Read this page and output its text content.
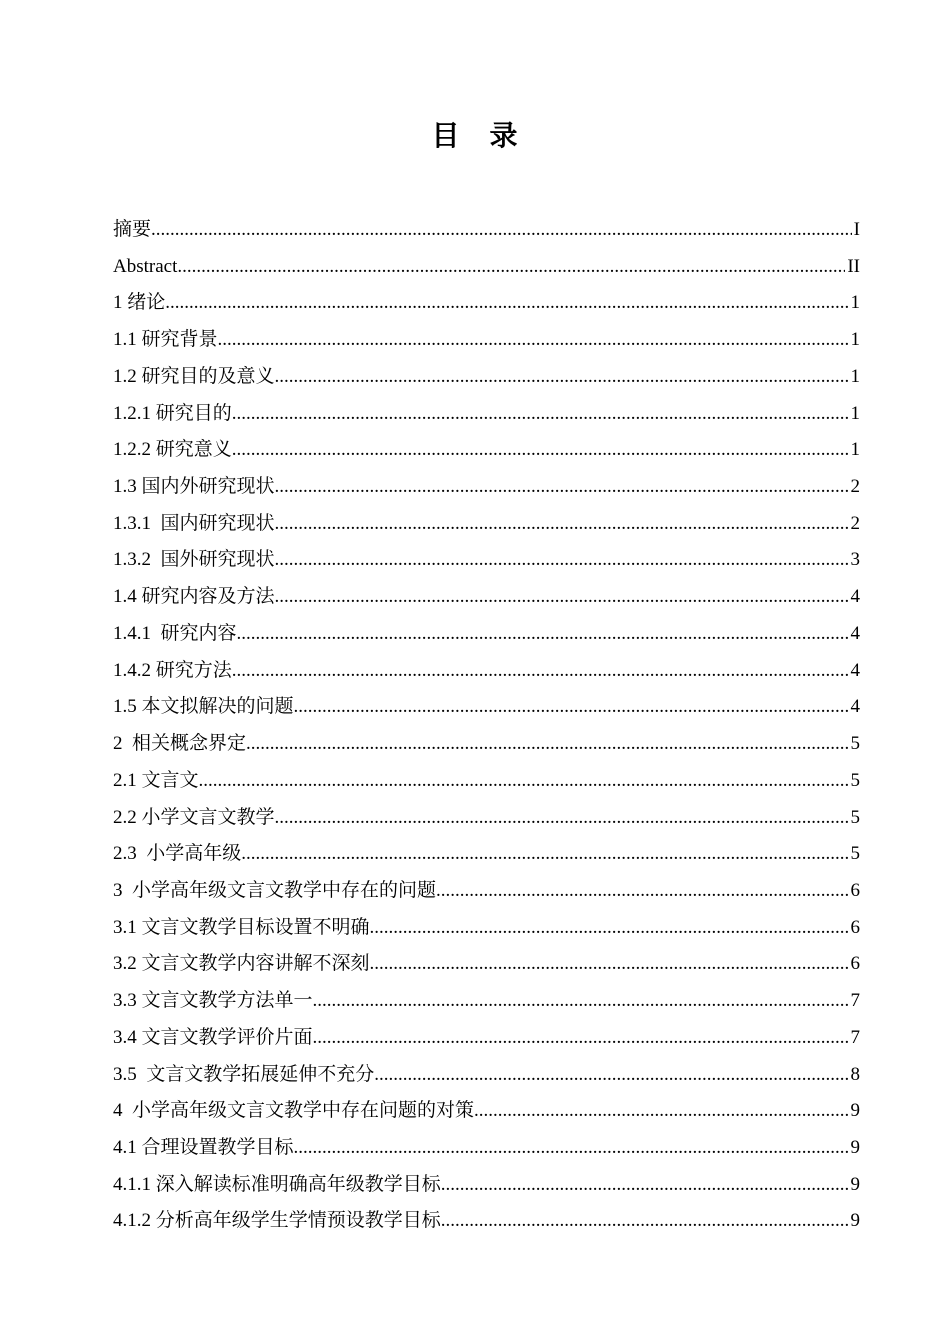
目　录
摘要 .....	I
Abstract .....	II
1 绪论 .....	1
1.1 研究背景 .....	1
1.2 研究目的及意义 .....	1
1.2.1 研究目的 .....	1
1.2.2 研究意义 .....	1
1.3 国内外研究现状 .....	2
1.3.1  国内研究现状 .....	2
1.3.2  国外研究现状 .....	3
1.4 研究内容及方法 .....	4
1.4.1  研究内容 .....	4
1.4.2 研究方法 .....	4
1.5 本文拟解决的问题 .....	4
2  相关概念界定 .....	5
2.1 文言文 .....	5
2.2 小学文言文教学 .....	5
2.3  小学高年级 .....	5
3  小学高年级文言文教学中存在的问题 .....	6
3.1 文言文教学目标设置不明确 .....	6
3.2 文言文教学内容讲解不深刻 .....	6
3.3 文言文教学方法单一 .....	7
3.4 文言文教学评价片面 .....	7
3.5  文言文教学拓展延伸不充分 .....	8
4  小学高年级文言文教学中存在问题的对策 .....	9
4.1 合理设置教学目标 .....	9
4.1.1 深入解读标准明确高年级教学目标 .....	9
4.1.2 分析高年级学生学情预设教学目标 .....	9
